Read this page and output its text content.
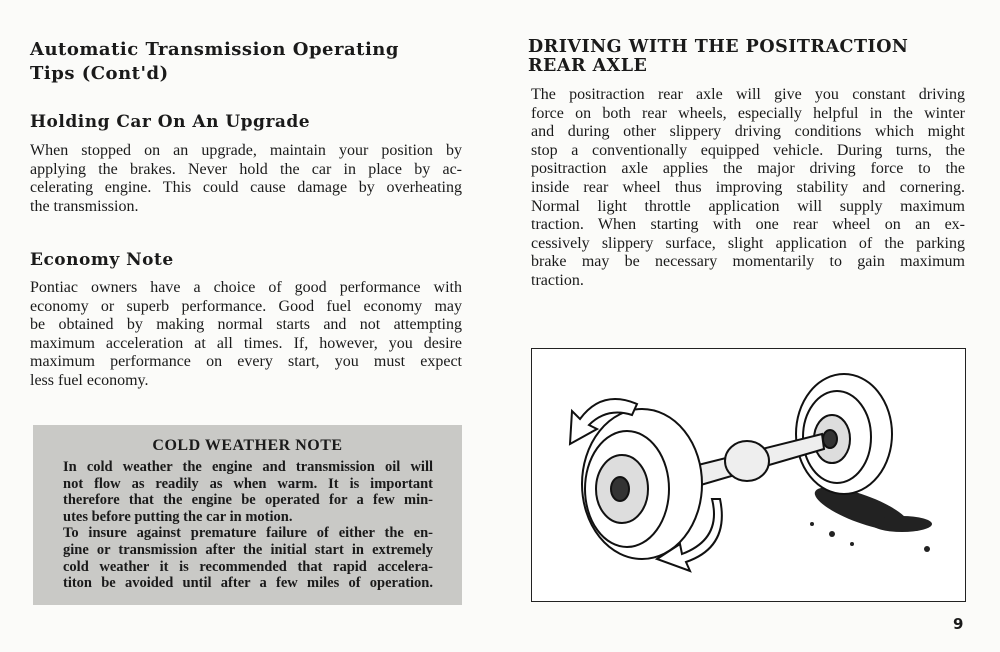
Automatic Transmission Operating
Tips (Cont'd)
Holding Car On An Upgrade
When stopped on an upgrade, maintain your position by
applying the brakes. Never hold the car in place by ac-
celerating engine. This could cause damage by overheating
the transmission.
Economy Note
Pontiac owners have a choice of good performance with
economy or superb performance. Good fuel economy may
be obtained by making normal starts and not attempting
maximum acceleration at all times. If, however, you desire
maximum performance on every start, you must expect
less fuel economy.
COLD WEATHER NOTE
In cold weather the engine and transmission oil will
not flow as readily as when warm. It is important
therefore that the engine be operated for a few min-
utes before putting the car in motion.
To insure against premature failure of either the en-
gine or transmission after the initial start in extremely
cold weather it is recommended that rapid accelera-
titon be avoided until after a few miles of operation.
DRIVING WITH THE POSITRACTION
REAR AXLE
The positraction rear axle will give you constant driving
force on both rear wheels, especially helpful in the winter
and during other slippery driving conditions which might
stop a conventionally equipped vehicle. During turns, the
positraction axle applies the major driving force to the
inside rear wheel thus improving stability and cornering.
Normal light throttle application will supply maximum
traction. When starting with one rear wheel on an ex-
cessively slippery surface, slight application of the parking
brake may be necessary momentarily to gain maximum
traction.
9
